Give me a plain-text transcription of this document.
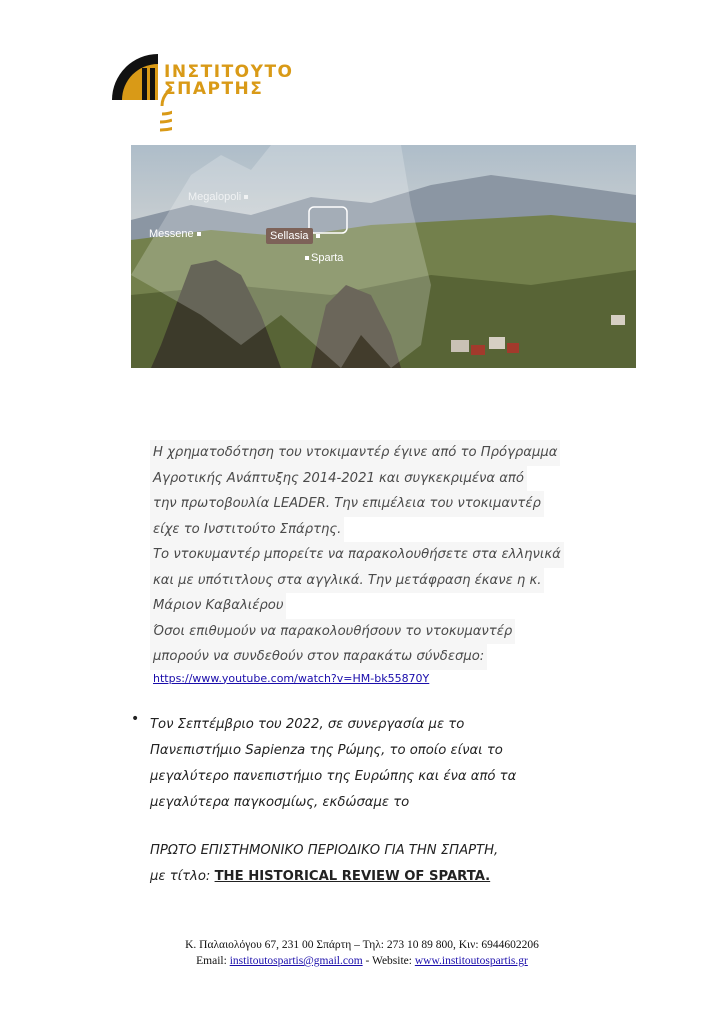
ΙΝΣΤΙΤΟΥΤΟ
ΣΠΑΡΤΗΣ
Megalopoli
Messene	Sellasia
Sparta
Η χρηματοδότηση του ντοκιμαντέρ έγινε από το Πρόγραμμα
Αγροτικής Ανάπτυξης 2014-2021 και συγκεκριμένα από
την πρωτοβουλία LEADER. Την επιμέλεια του ντοκιμαντέρ
είχε το Ινστιτούτο Σπάρτης.
Το ντοκυμαντέρ μπορείτε να παρακολουθήσετε στα ελληνικά
και με υπότιτλους στα αγγλικά. Την μετάφραση έκανε η κ.
Μάριον Καβαλιέρου
Όσοι επιθυμούν να παρακολουθήσουν το ντοκυμαντέρ
μπορούν να συνδεθούν στον παρακάτω σύνδεσμο:
https://www.youtube.com/watch?v=HM-bk55870Y
• Τον Σεπτέμβριο του 2022, σε συνεργασία με το
Πανεπιστήμιο Sapienza της Ρώμης, το οποίο είναι το
μεγαλύτερο πανεπιστήμιο της Ευρώπης και ένα από τα
μεγαλύτερα παγκοσμίως, εκδώσαμε το
ΠΡΩΤΟ ΕΠΙΣΤΗΜΟΝΙΚΟ ΠΕΡΙΟΔΙΚΟ ΓΙΑ ΤΗΝ ΣΠΑΡΤΗ,
με τίτλο: THE HISTORICAL REVIEW OF SPARTA.
Κ. Παλαιολόγου 67, 231 00 Σπάρτη – Τηλ: 273 10 89 800, Κιν: 6944602206
Email: institoutospartis@gmail.com - Website: www.institoutospartis.gr
